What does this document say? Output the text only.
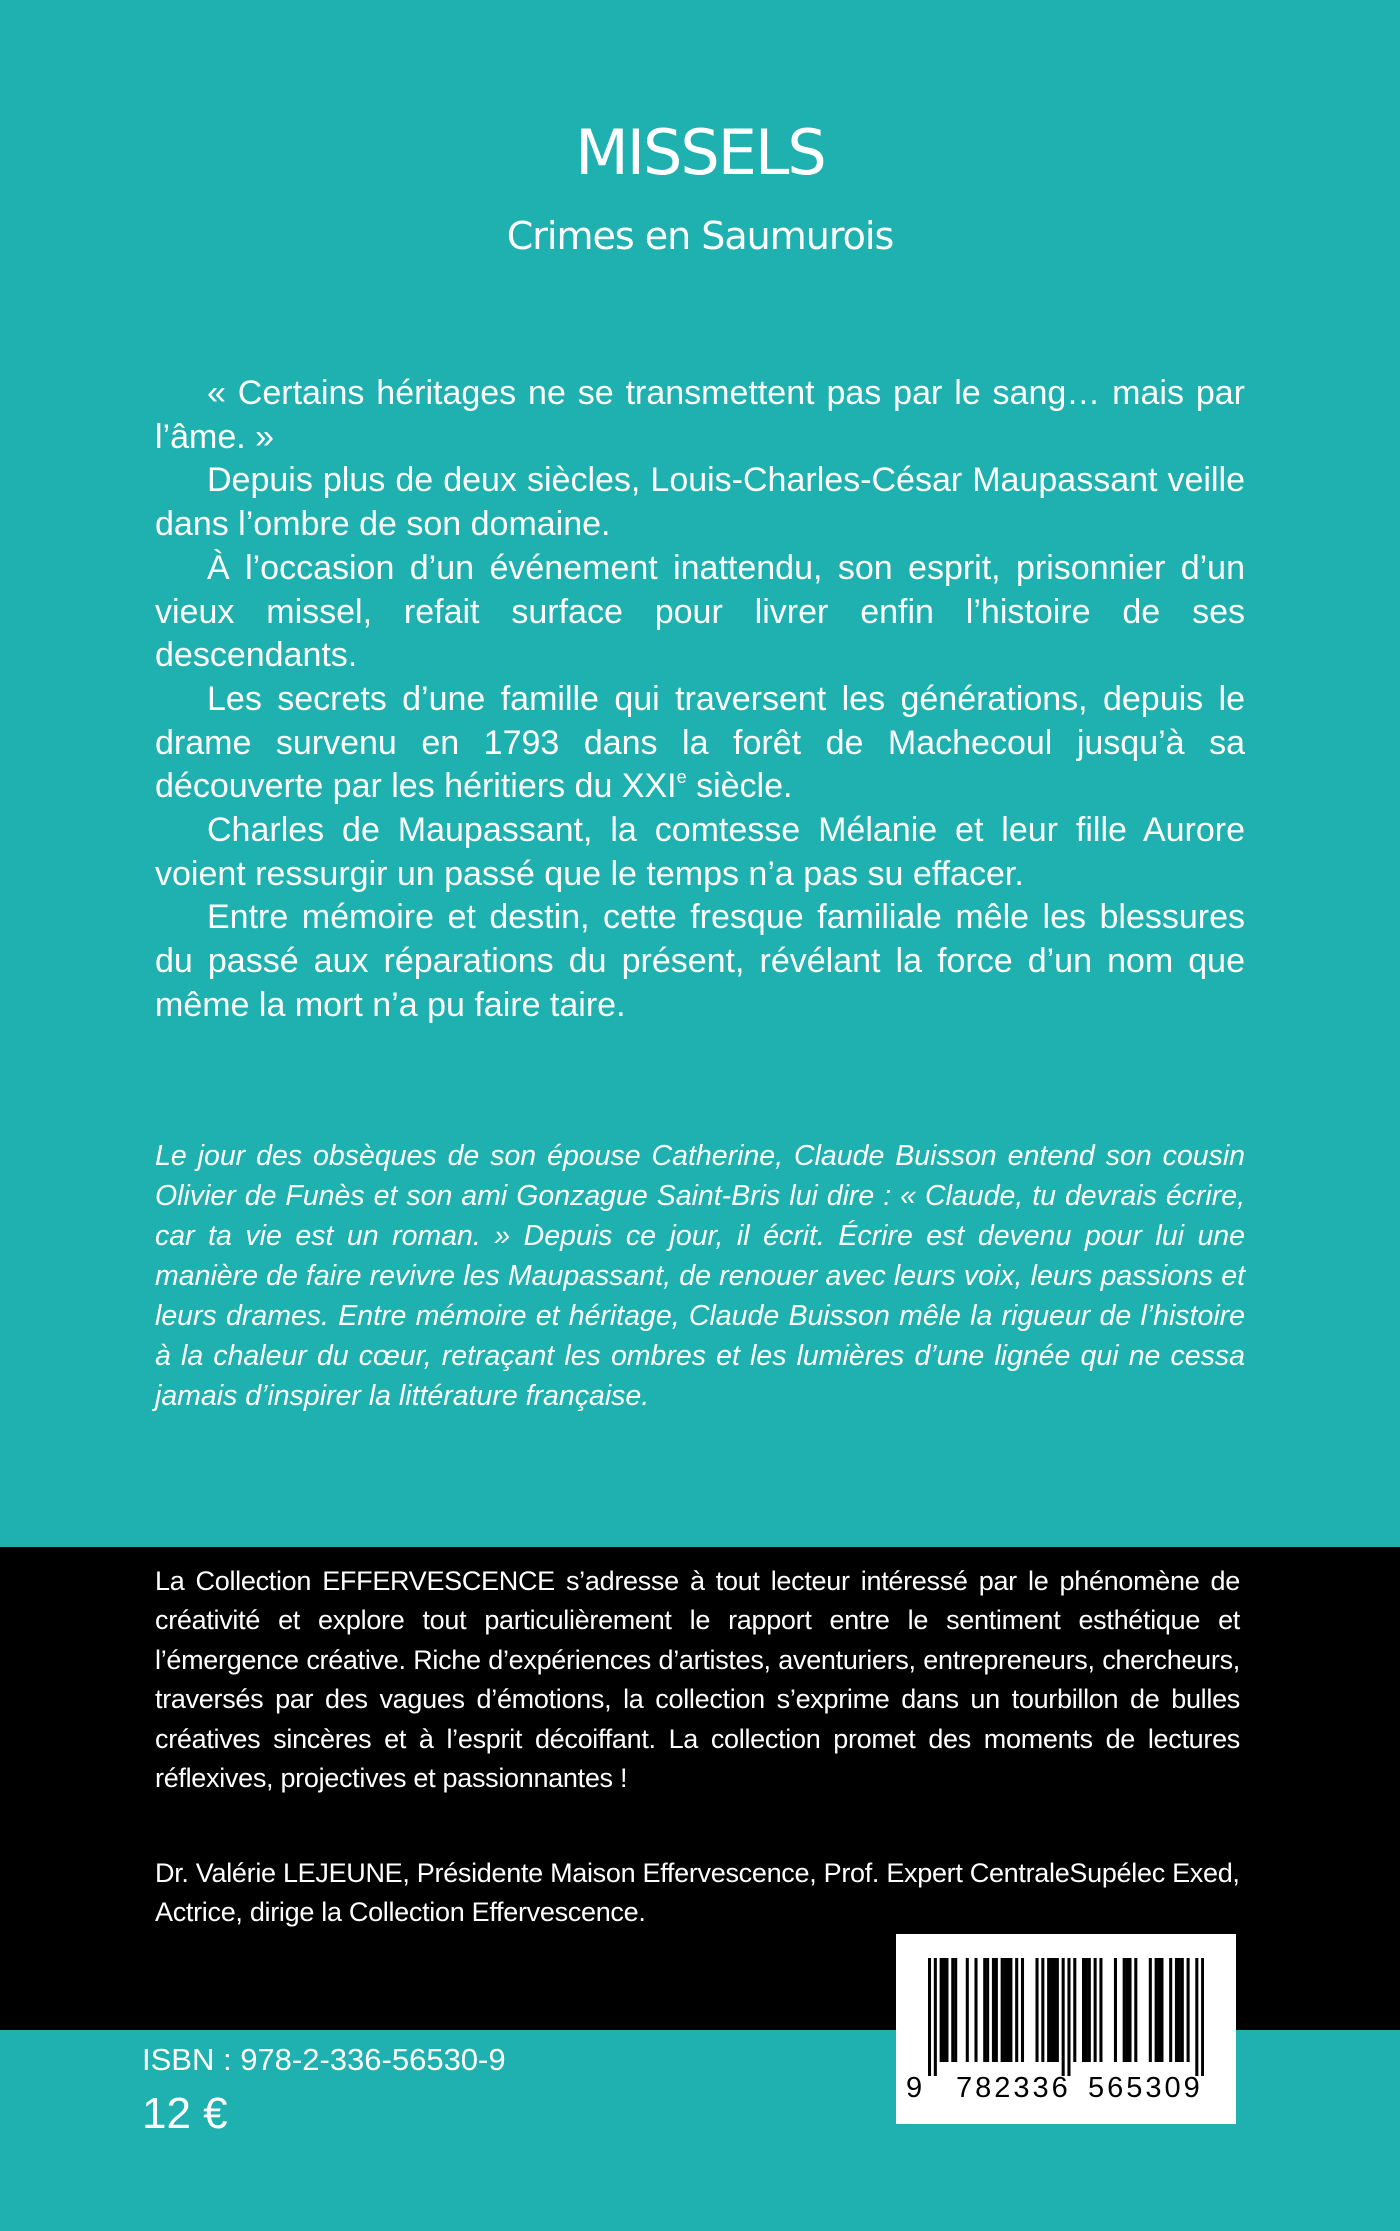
MISSELS
Crimes en Saumurois

« Certains héritages ne se transmettent pas par le sang… mais par l’âme. »

Depuis plus de deux siècles, Louis-Charles-César Maupassant veille dans l’ombre de son domaine.

À l’occasion d’un événement inattendu, son esprit, prisonnier d’un vieux missel, refait surface pour livrer enfin l’histoire de ses descendants.

Les secrets d’une famille qui traversent les générations, depuis le drame survenu en 1793 dans la forêt de Machecoul jusqu’à sa découverte par les héritiers du XXIe siècle.

Charles de Maupassant, la comtesse Mélanie et leur fille Aurore voient ressurgir un passé que le temps n’a pas su effacer.

Entre mémoire et destin, cette fresque familiale mêle les blessures du passé aux réparations du présent, révélant la force d’un nom que même la mort n’a pu faire taire.

Le jour des obsèques de son épouse Catherine, Claude Buisson entend son cousin Olivier de Funès et son ami Gonzague Saint-Bris lui dire : « Claude, tu devrais écrire, car ta vie est un roman. » Depuis ce jour, il écrit. Écrire est devenu pour lui une manière de faire revivre les Maupassant, de renouer avec leurs voix, leurs passions et leurs drames. Entre mémoire et héritage, Claude Buisson mêle la rigueur de l’histoire à la chaleur du cœur, retraçant les ombres et les lumières d’une lignée qui ne cessa jamais d’inspirer la littérature française.

La Collection EFFERVESCENCE s’adresse à tout lecteur intéressé par le phénomène de créativité et explore tout particulièrement le rapport entre le sentiment esthétique et l’émergence créative. Riche d’expériences d’artistes, aventuriers, entrepreneurs, chercheurs, traversés par des vagues d’émotions, la collection s’exprime dans un tourbillon de bulles créatives sincères et à l’esprit décoiffant. La collection promet des moments de lectures réflexives, projectives et passionnantes !

Dr. Valérie LEJEUNE, Présidente Maison Effervescence, Prof. Expert CentraleSupélec Exed, Actrice, dirige la Collection Effervescence.

ISBN : 978-2-336-56530-9
12 €
9 782336 565309
